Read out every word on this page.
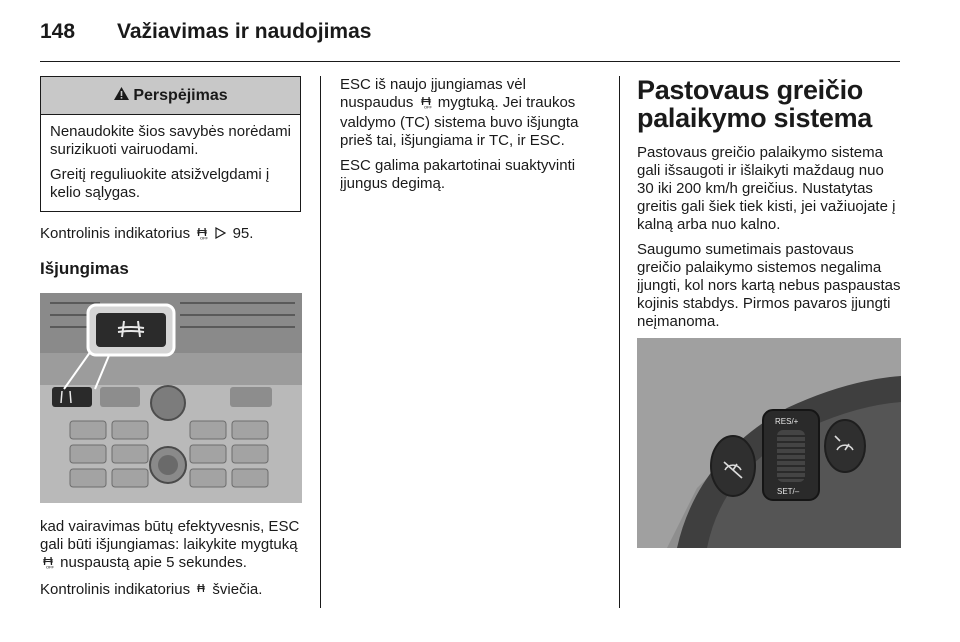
148 Važiavimas ir naudojimas
Perspėjimas

Nenaudokite šios savybės norėdami surizikuoti vairuodami.

Greitį reguliuokite atsižvelgdami į kelio sąlygas.

Kontrolinis indikatorius	OFF 95.

Išjungimas

kad vairavimas būtų efektyvesnis, ESC gali būti išjungiamas: laikykite mygtuką
OFF nuspaustą apie 5 sekundes.

Kontrolinis indikatorius šviečia.

ESC iš naujo įjungiamas vėl nuspaudus	OFF mygtuką. Jei traukos valdymo (TC) sistema buvo išjungta prieš tai, išjungiama ir TC, ir ESC.

ESC galima pakartotinai suaktyvinti įjungus degimą.

Pastovaus greičio palaikymo sistema

Pastovaus greičio palaikymo sistema gali išsaugoti ir išlaikyti maždaug nuo 30 iki 200 km/h greičius. Nustatytas greitis gali šiek tiek kisti, jei važiuojate į kalną arba nuo kalno.

Saugumo sumetimais pastovaus greičio palaikymo sistemos negalima įjungti, kol nors kartą nebus paspaustas kojinis stabdys. Pirmos pavaros įjungti neįmanoma.

RES/+
SET/–
